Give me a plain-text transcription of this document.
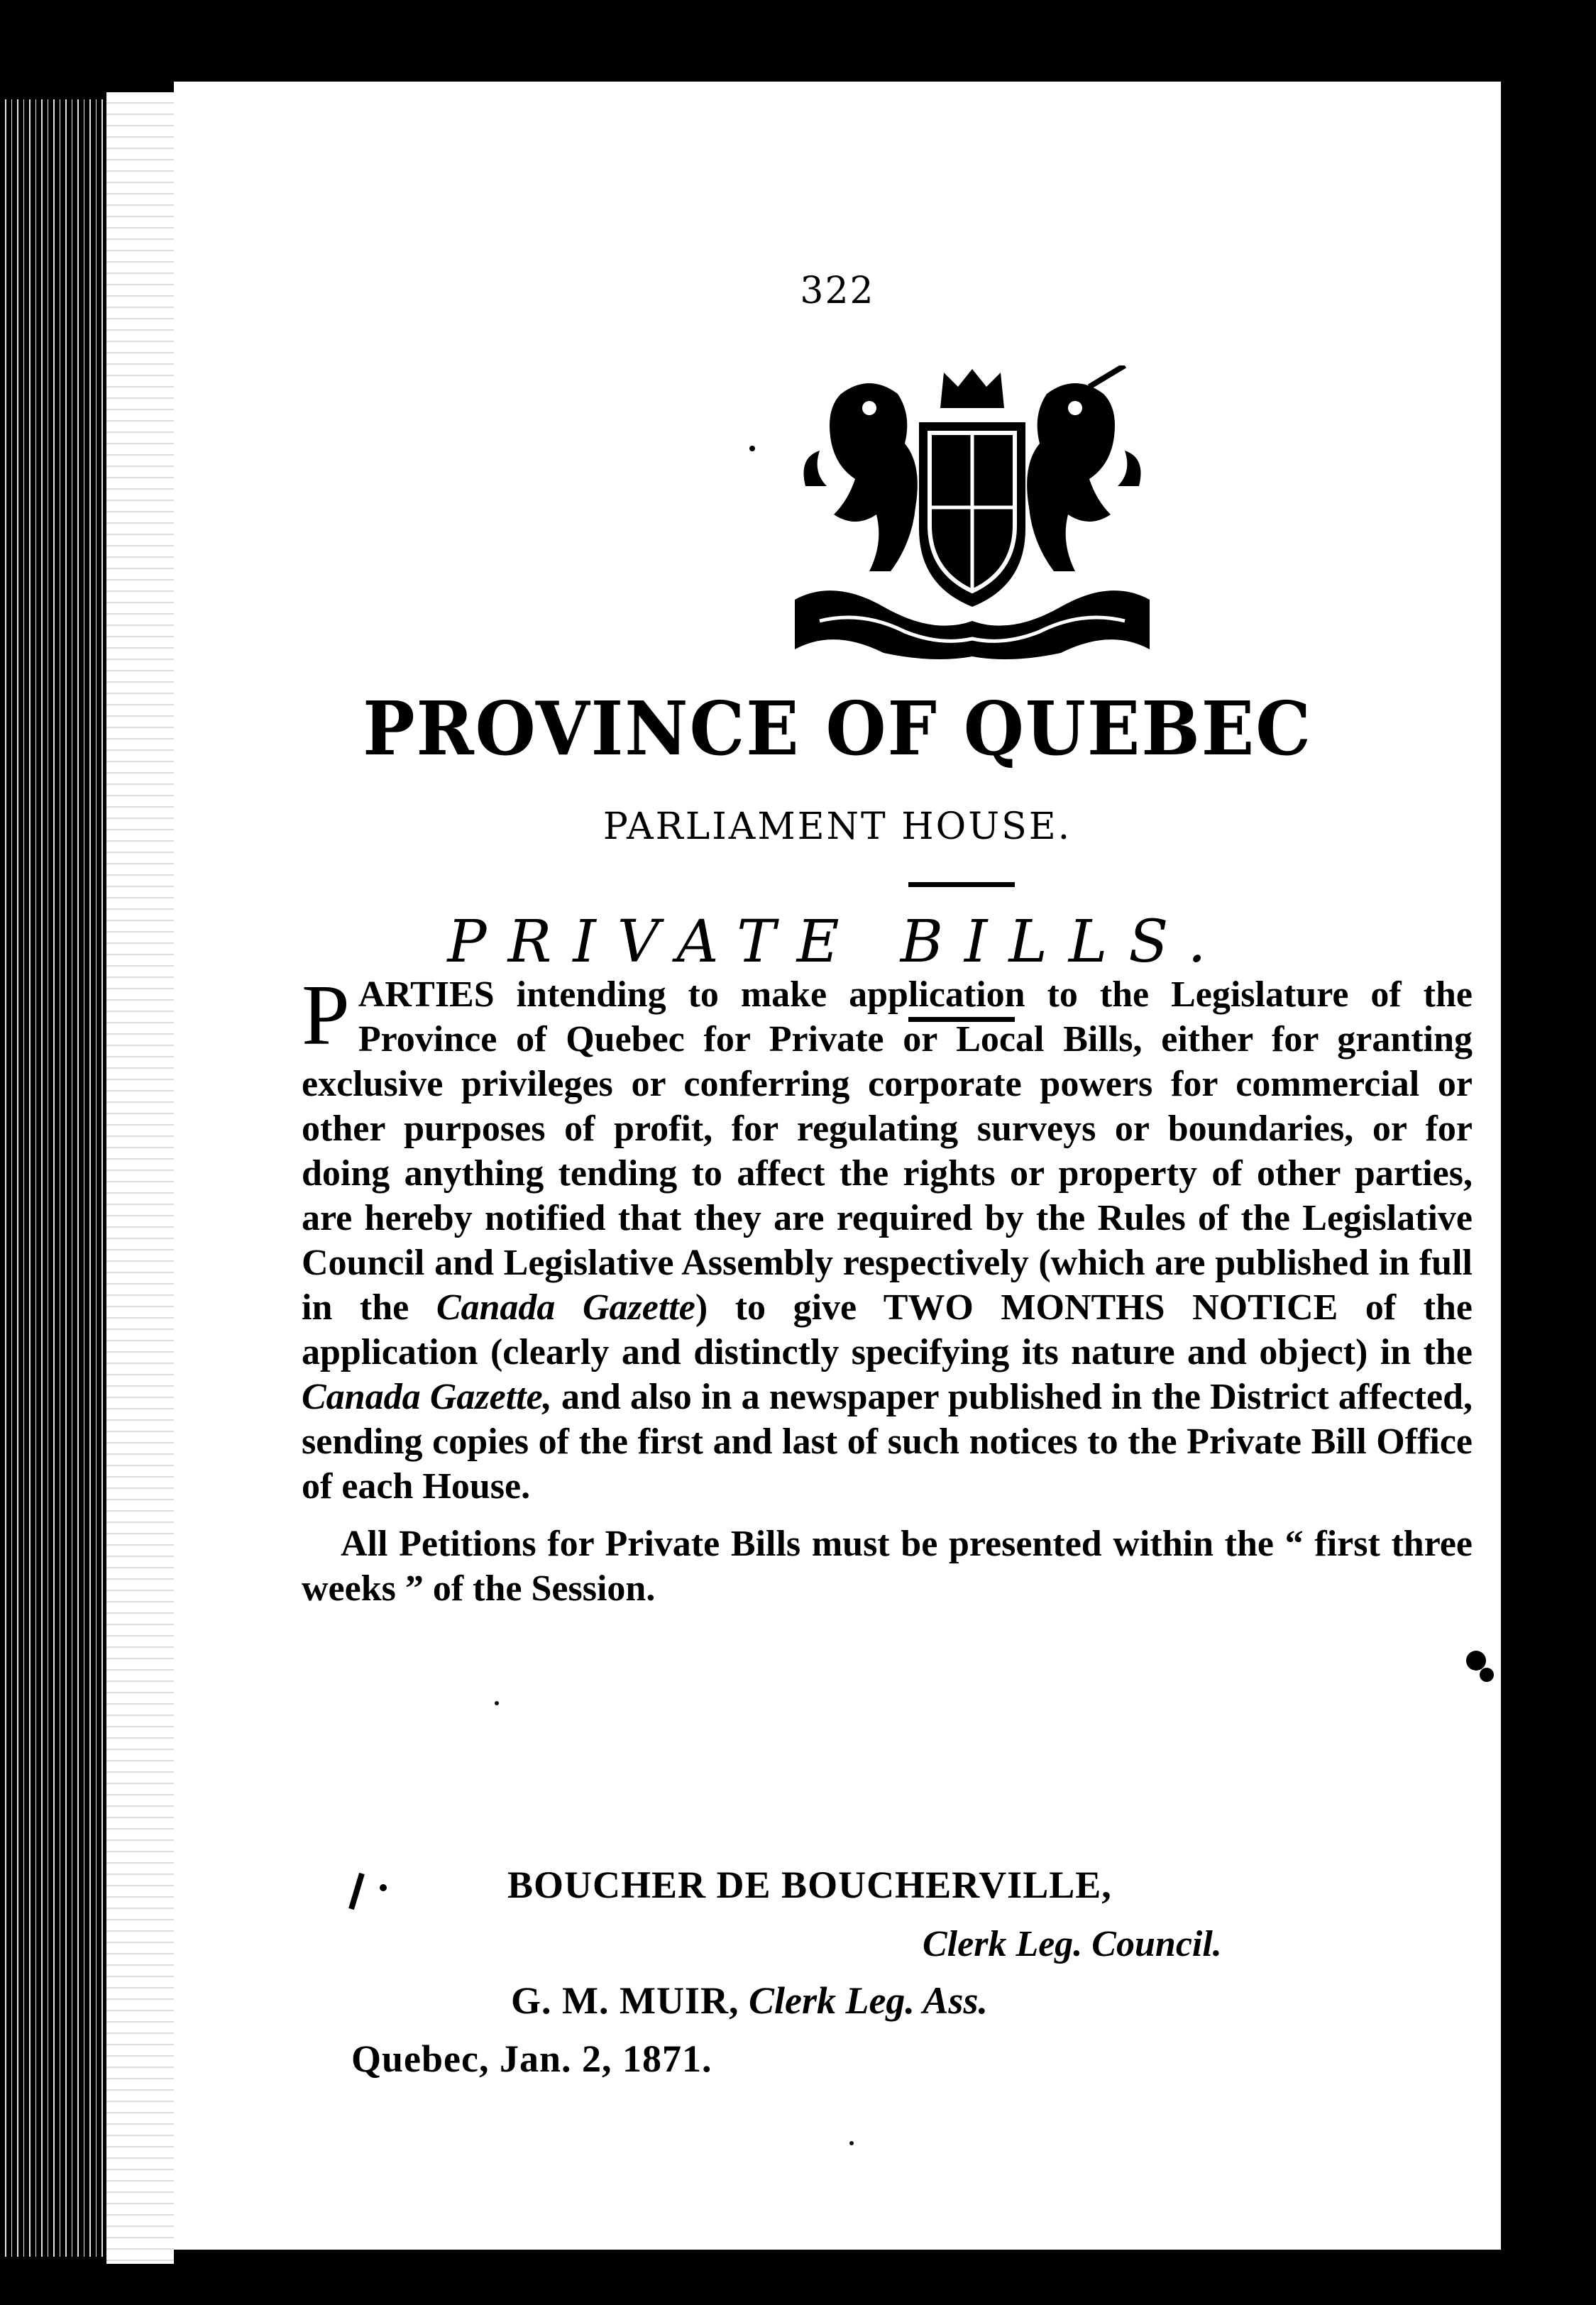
322
PROVINCE OF QUEBEC
PARLIAMENT HOUSE.
PRIVATE BILLS.

PARTIES intending to make application to the Legislature of the Province of Quebec for Private or Local Bills, either for granting exclusive privileges or conferring corporate powers for commercial or other purposes of profit, for regulating surveys or boundaries, or for doing anything tending to affect the rights or property of other parties, are hereby notified that they are required by the Rules of the Legislative Council and Legislative Assembly respectively (which are published in full in the Canada Gazette) to give TWO MONTHS NOTICE of the application (clearly and distinctly specifying its nature and object) in the Canada Gazette, and also in a newspaper published in the District affected, sending copies of the first and last of such notices to the Private Bill Office of each House.

All Petitions for Private Bills must be presented within the “ first three weeks ” of the Session.

BOUCHER DE BOUCHERVILLE,
Clerk Leg. Council.
G. M. MUIR, Clerk Leg. Ass.
Quebec, Jan. 2, 1871.
